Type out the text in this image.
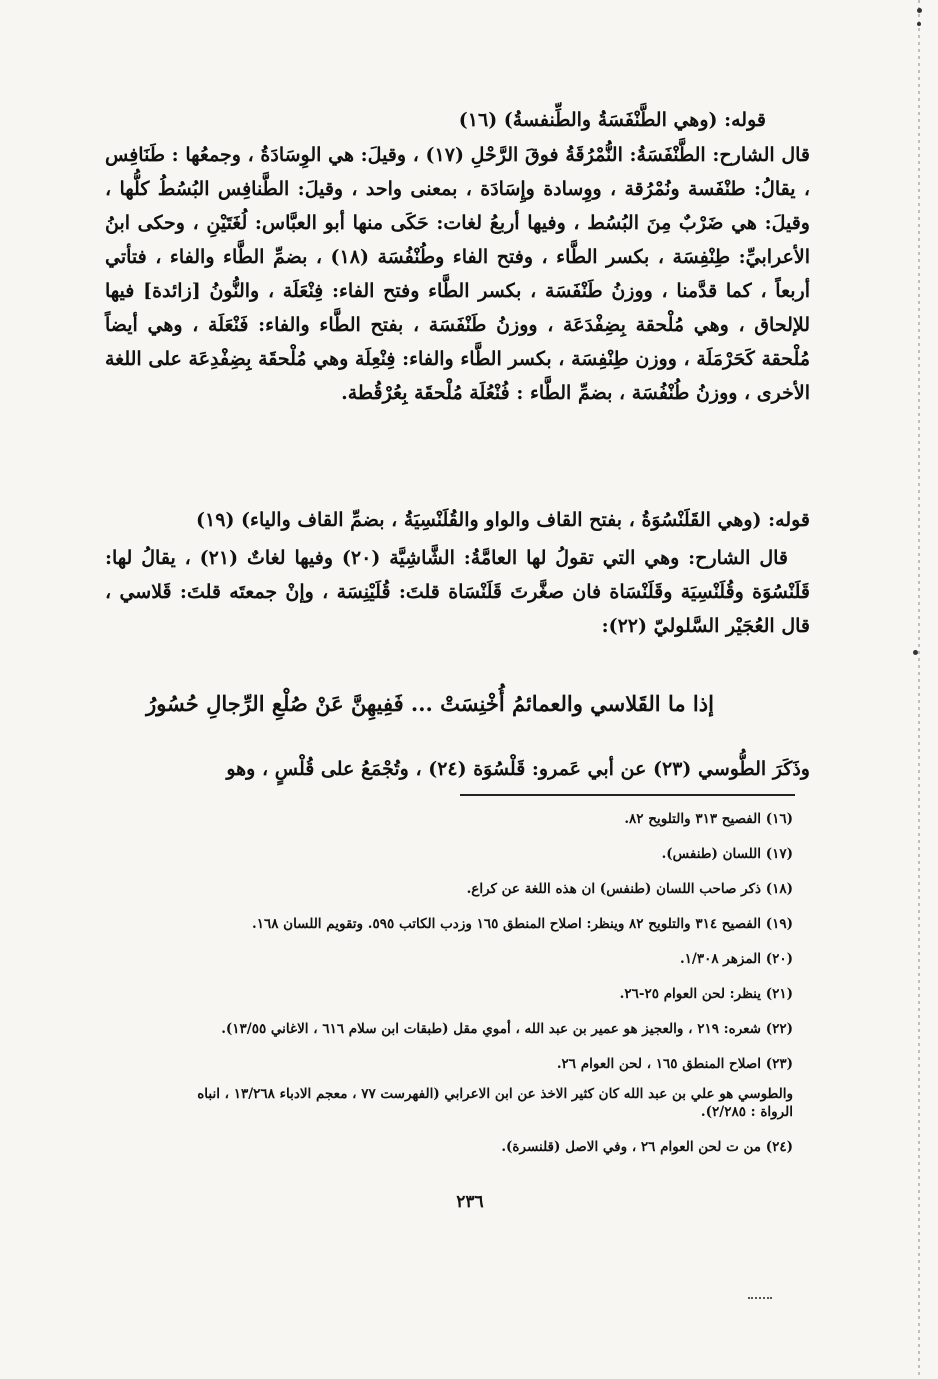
قوله: (وهي الطَّنْفَسَةُ والطِّنفسةُ) (١٦)

قال الشارح: الطَّنْفَسَةُ: النُّمْرُقَةُ فوقَ الرَّحْلِ (١٧) ، وقيلَ: هي الوِسَادَةُ ، وجمعُها : طَنَافِس ، يقالُ: طنْفَسة ونُمْرُقة ، ووِسادة وإِسَادَة ، بمعنى واحد ، وقيلَ: الطَّنافِس البُسُطُ كلُّها ، وقيلَ: هي ضَرْبٌ مِنَ البُسُط ، وفيها أربعُ لغات: حَكَى منها أبو العبَّاس: لُغَتَيْنِ ، وحكى ابنُ الأعرابيِّ: طِنْفِسَة ، بكسر الطَّاء ، وفتح الفاء وطُنْفُسَة (١٨) ، بضمِّ الطَّاء والفاء ، فتأتي أربعاً ، كما قدَّمنا ، ووزنُ طَنْفَسَة ، بكسر الطَّاء وفتح الفاء: فِنْعَلَة ، والنُّونُ [زائدة] فيها للإلحاق ، وهي مُلْحقة بِضِفْدَعَة ، ووزنُ طَنْفَسَة ، بفتح الطَّاء والفاء: فَنْعَلَة ، وهي أيضاً مُلْحقة كَحَرْمَلَة ، ووزن طِنْفِسَة ، بكسر الطَّاء والفاء: فِنْعِلَة وهي مُلْحقَة بِضِفْدِعَة على اللغة الأخرى ، ووزنُ طُنْفُسَة ، بضمِّ الطَّاء : فُنْعُلَة مُلْحقَة بِعُرْقُطة.

قوله: (وهي القَلَنْسُوَةُ ، بفتح القاف والواو والقُلَنْسِيَةُ ، بضمِّ القاف والياء) (١٩)

قال الشارح: وهي التي تقولُ لها العامَّةُ: الشَّاشِيَّة (٢٠) وفيها لغاتٌ (٢١) ، يقالُ لها: قَلَنْسُوَة وقُلَنْسِيَة وقَلَنْسَاة فان صغَّرتَ قَلَنْسَاة قلتَ: قُلَيْنِسَة ، وإنْ جمعتَه قلتَ: قَلاسي ، قال العُجَيْر السَّلوليّ (٢٢):

إذا ما القَلاسي والعمائمُ أُخْنِسَتْ ... فَفِيهِنَّ عَنْ صُلْعِ الرِّجالِ حُسُورُ

وذَكَرَ الطُّوسي (٢٣) عن أبي عَمرو: قَلْسُوَة (٢٤) ، وتُجْمَعُ على قُلْسٍ ، وهو

(١٦) الفصيح ٣١٣ والتلويح ٨٢.

(١٧) اللسان (طنفس).

(١٨) ذكر صاحب اللسان (طنفس) ان هذه اللغة عن كراع.

(١٩) الفصيح ٣١٤ والتلويح ٨٢ وينظر: اصلاح المنطق ١٦٥ وزدب الكاتب ٥٩٥. وتقويم اللسان ١٦٨.

(٢٠) المزهر ١/٣٠٨.

(٢١) ينظر: لحن العوام ٢٥-٢٦.

(٢٢) شعره: ٢١٩ ، والعجيز هو عمير بن عبد الله ، أموي مقل (طبقات ابن سلام ٦١٦ ، الاغاني ١٣/٥٥).

(٢٣) اصلاح المنطق ١٦٥ ، لحن العوام ٢٦.

والطوسي هو علي بن عبد الله كان كثير الاخذ عن ابن الاعرابي (الفهرست ٧٧ ، معجم الادباء ١٣/٢٦٨ ، انباه الرواة : ٢/٢٨٥).

(٢٤) من ت لحن العوام ٢٦ ، وفي الاصل (قلنسرة).

٢٣٦
